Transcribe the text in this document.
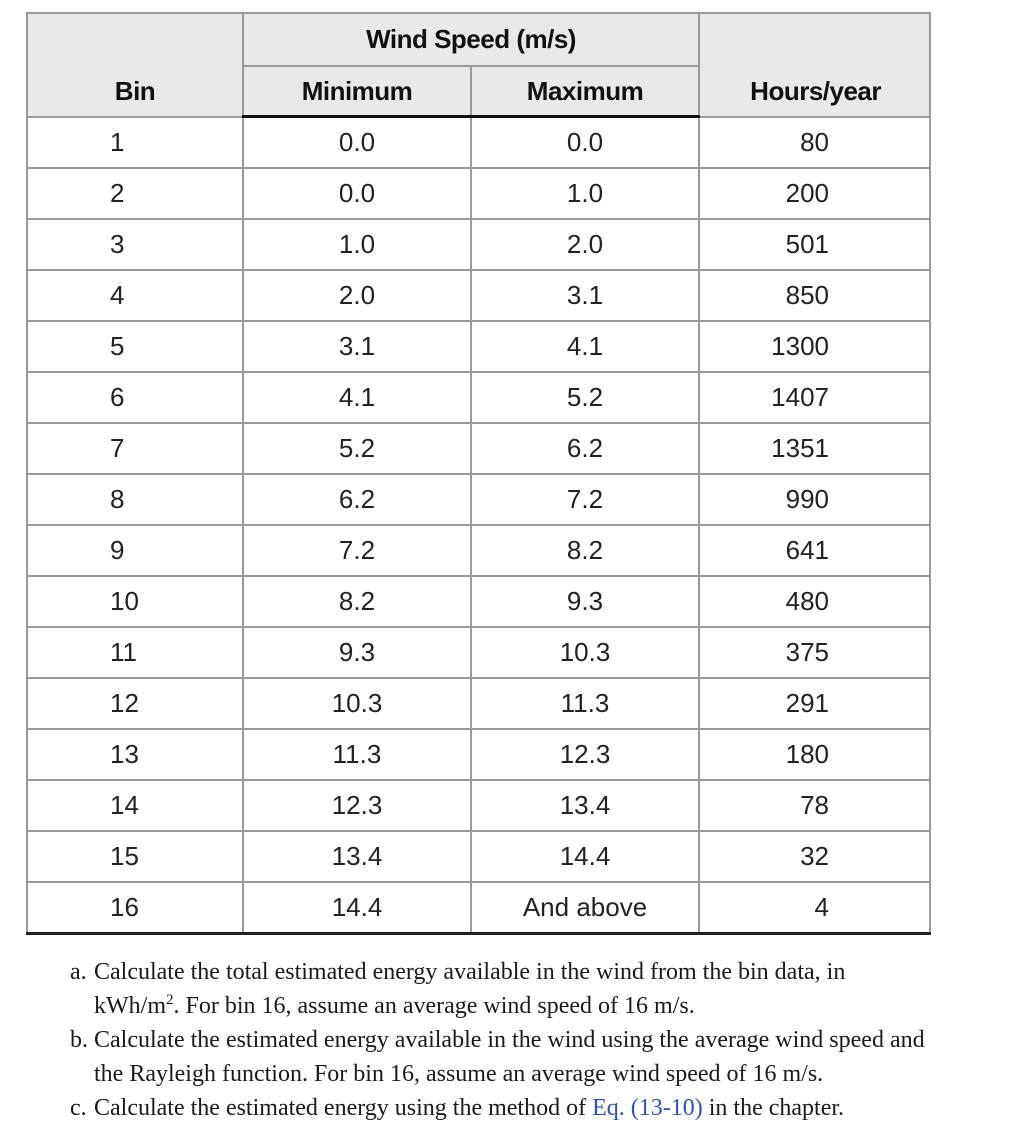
Bin	Wind Speed (m/s)		Hours/year
	Minimum	Maximum	
1	0.0	0.0	80
2	0.0	1.0	200
3	1.0	2.0	501
4	2.0	3.1	850
5	3.1	4.1	1300
6	4.1	5.2	1407
7	5.2	6.2	1351
8	6.2	7.2	990
9	7.2	8.2	641
10	8.2	9.3	480
11	9.3	10.3	375
12	10.3	11.3	291
13	11.3	12.3	180
14	12.3	13.4	78
15	13.4	14.4	32
16	14.4	And above	4
a. Calculate the total estimated energy available in the wind from the bin data, in
kWh/$m^2$. For bin 16, assume an average wind speed of 16 m/s.
b. Calculate the estimated energy available in the wind using the average wind speed and the Rayleigh function. For bin 16, assume an average wind speed of 16 m/s.
c. Calculate the estimated energy using the method of Eq. (13-10) in the chapter.
